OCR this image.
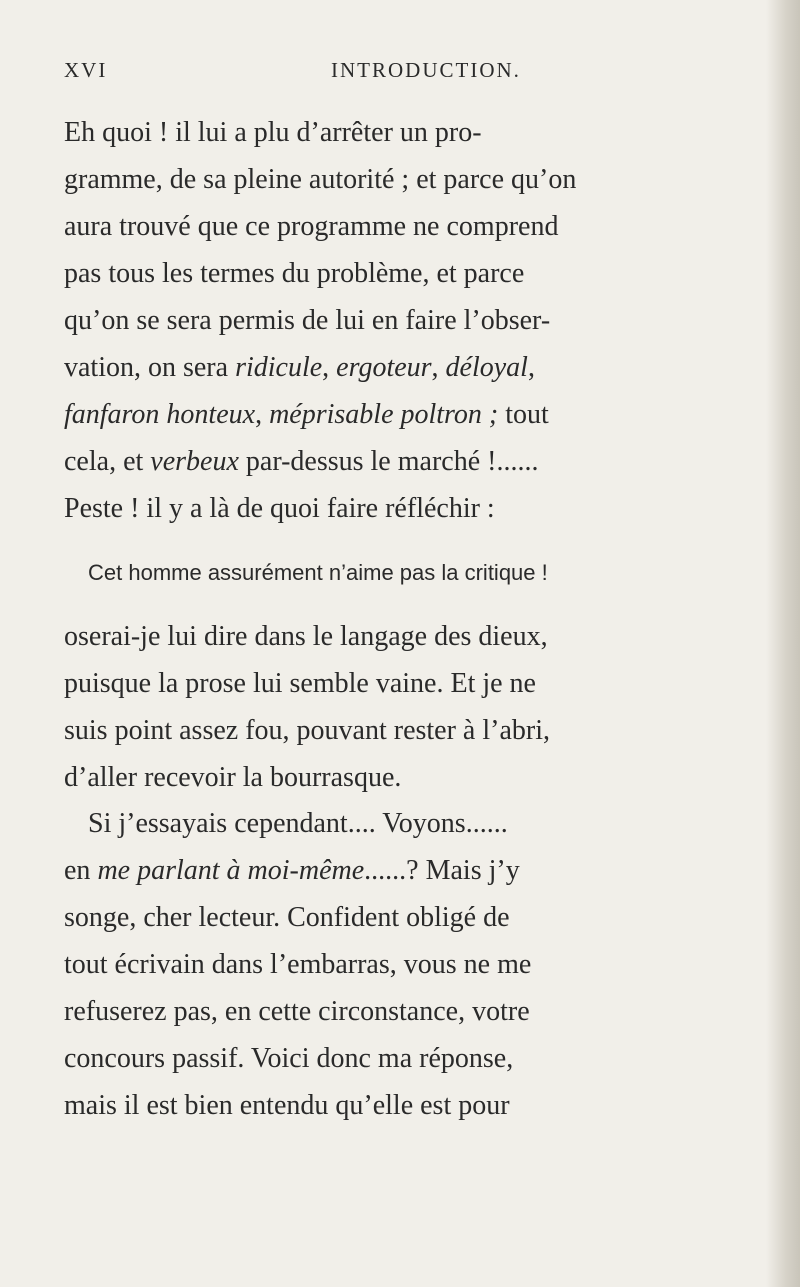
XVI	INTRODUCTION.
Eh quoi ! il lui a plu d’arrêter un pro-
gramme, de sa pleine autorité ; et parce qu’on
aura trouvé que ce programme ne comprend
pas tous les termes du problème, et parce
qu’on se sera permis de lui en faire l’obser-
vation, on sera ridicule, ergoteur, déloyal,
fanfaron honteux, méprisable poltron ; tout
cela, et verbeux par-dessus le marché !......
Peste ! il y a là de quoi faire réfléchir :
Cet homme assurément n’aime pas la critique !
oserai-je lui dire dans le langage des dieux,
puisque la prose lui semble vaine. Et je ne
suis point assez fou, pouvant rester à l’abri,
d’aller recevoir la bourrasque.
Si j’essayais cependant.... Voyons......
en me parlant à moi-même......? Mais j’y
songe, cher lecteur. Confident obligé de
tout écrivain dans l’embarras, vous ne me
refuserez pas, en cette circonstance, votre
concours passif. Voici donc ma réponse,
mais il est bien entendu qu’elle est pour
